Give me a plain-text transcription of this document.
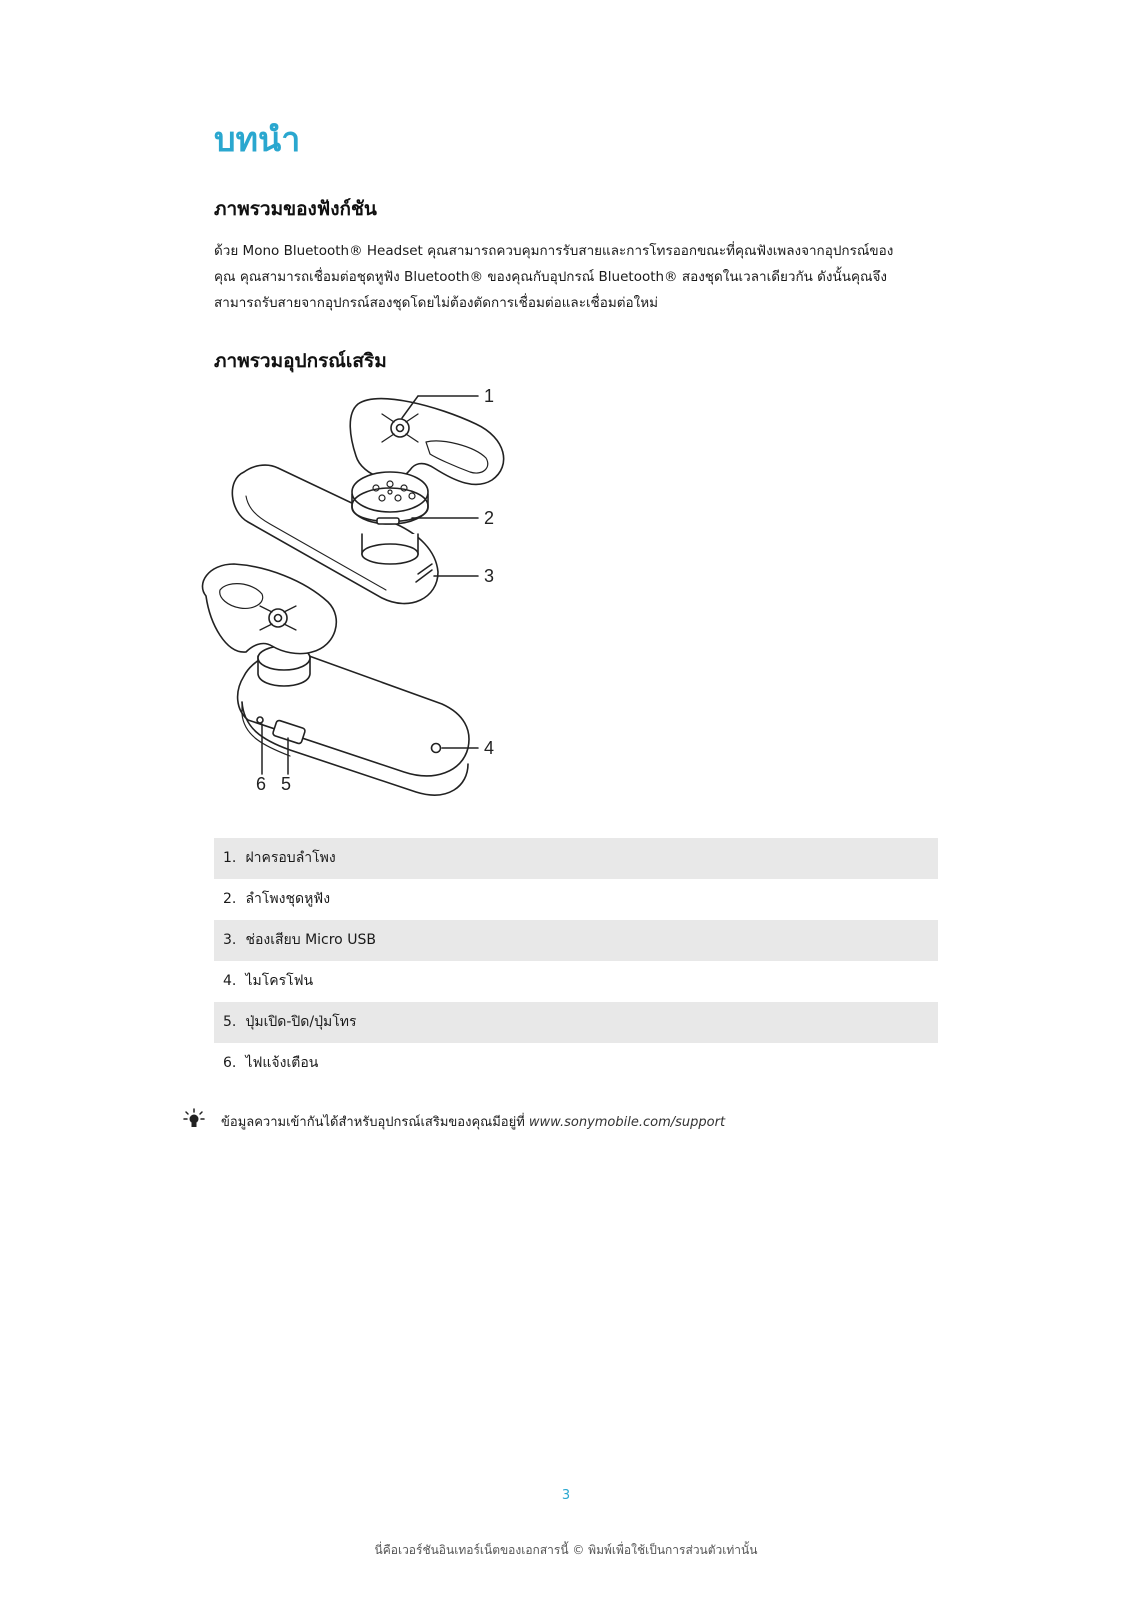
บทนำ
ภาพรวมของฟังก์ชัน

ด้วย Mono Bluetooth® Headset คุณสามารถควบคุมการรับสายและการโทรออกขณะที่คุณฟังเพลงจากอุปกรณ์ของ
คุณ คุณสามารถเชื่อมต่อชุดหูฟัง Bluetooth® ของคุณกับอุปกรณ์ Bluetooth® สองชุดในเวลาเดียวกัน ดังนั้นคุณจึง
สามารถรับสายจากอุปกรณ์สองชุดโดยไม่ต้องตัดการเชื่อมต่อและเชื่อมต่อใหม่

ภาพรวมอุปกรณ์เสริม
1
2
3
4
6 5
1. ฝาครอบลำโพง
2. ลำโพงชุดหูฟัง
3. ช่องเสียบ Micro USB
4. ไมโครโฟน
5. ปุ่มเปิด-ปิด/ปุ่มโทร
6. ไฟแจ้งเตือน
ข้อมูลความเข้ากันได้สำหรับอุปกรณ์เสริมของคุณมีอยู่ที่ www.sonymobile.com/support
3
นี่คือเวอร์ชันอินเทอร์เน็ตของเอกสารนี้ © พิมพ์เพื่อใช้เป็นการส่วนตัวเท่านั้น
